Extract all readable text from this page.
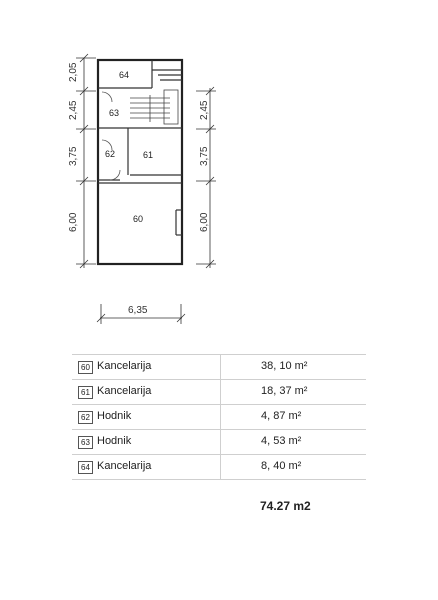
2,05
2,45
3,75
6,00
2,45
3,75
6,00
6,35
64
63
62	61
60
60 Kancelarija	38, 10 m²
61 Kancelarija	18, 37 m²
62 Hodnik	4, 87 m²
63 Hodnik	4, 53 m²
64 Kancelarija	8, 40 m²
74.27 m2
